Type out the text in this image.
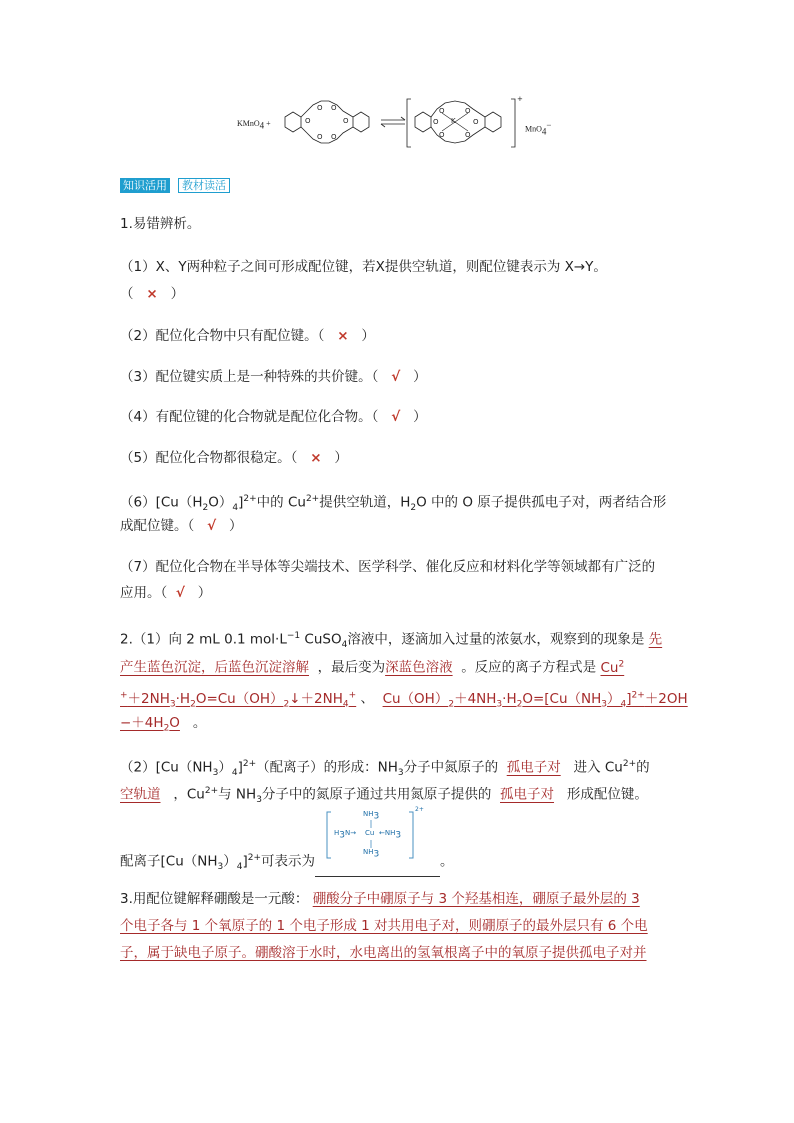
KMnO$_4$ +
O O
O	O
O O
K
O	O
O	O
O	O
+
MnO$_4$−
知识活用	教材读活
1.易错辨析。
（1）X、Y两种粒子之间可形成配位键，若X提供空轨道，则配位键表示为 X→Y。
（ × ）
（2）配位化合物中只有配位键。（ × ）
（3）配位键实质上是一种特殊的共价键。（ √ ）
（4）有配位键的化合物就是配位化合物。（ √ ）
（5）配位化合物都很稳定。（ × ）
$(6)[Cu(H_2O)_4]^{2+}$中的 $Cu^{2+}$提供空轨道，$H_2O$ 中的 O 原子提供孤电子对，两者结合形
成配位键。（ √ ）
（7）配位化合物在半导体等尖端技术、医学科学、催化反应和材料化学等领域都有广泛的
应用。（ √ ）
2.（1）向 2 mL 0.1 $mol\cdot L^{-1}$ CuSO$_4$溶液中，逐滴加入过量的浓氨水，观察到的现象是 先
产生蓝色沉淀，后蓝色沉淀溶解 ，最后变为深蓝色溶液 。反应的离子方程式是 Cu$^2$
$^++2NH_3\cdot H_2O=Cu(OH)_2↓+2NH_4^+$ 、 $Cu(OH)_2+4NH_3\cdot H_2O=[Cu(NH_3)_4]^{2+}+2OH$
$-+4H_2O$ 。
$(2)[Cu(NH_3)_4]^{2+}$（配离子）的形成：$NH_3$分子中氮原子的 孤电子对 进入 $Cu^{2+}$的
空轨道 ，$Cu^{2+}$与 $NH_3$分子中的氮原子通过共用氮原子提供的 孤电子对 形成配位键。
$NH_3$
$H_3N\to Cu$ $\leftarrow NH_3$
$NH_3$
2+
配离子$[Cu(NH_3)_4]^{2+}$可表示为	。
3.用配位键解释硼酸是一元酸： 硼酸分子中硼原子与 3 个羟基相连，硼原子最外层的 3
个电子各与 1 个氧原子的 1 个电子形成 1 对共用电子对，则硼原子的最外层只有 6 个电
子，属于缺电子原子。硼酸溶于水时，水电离出的氢氧根离子中的氧原子提供孤电子对并
